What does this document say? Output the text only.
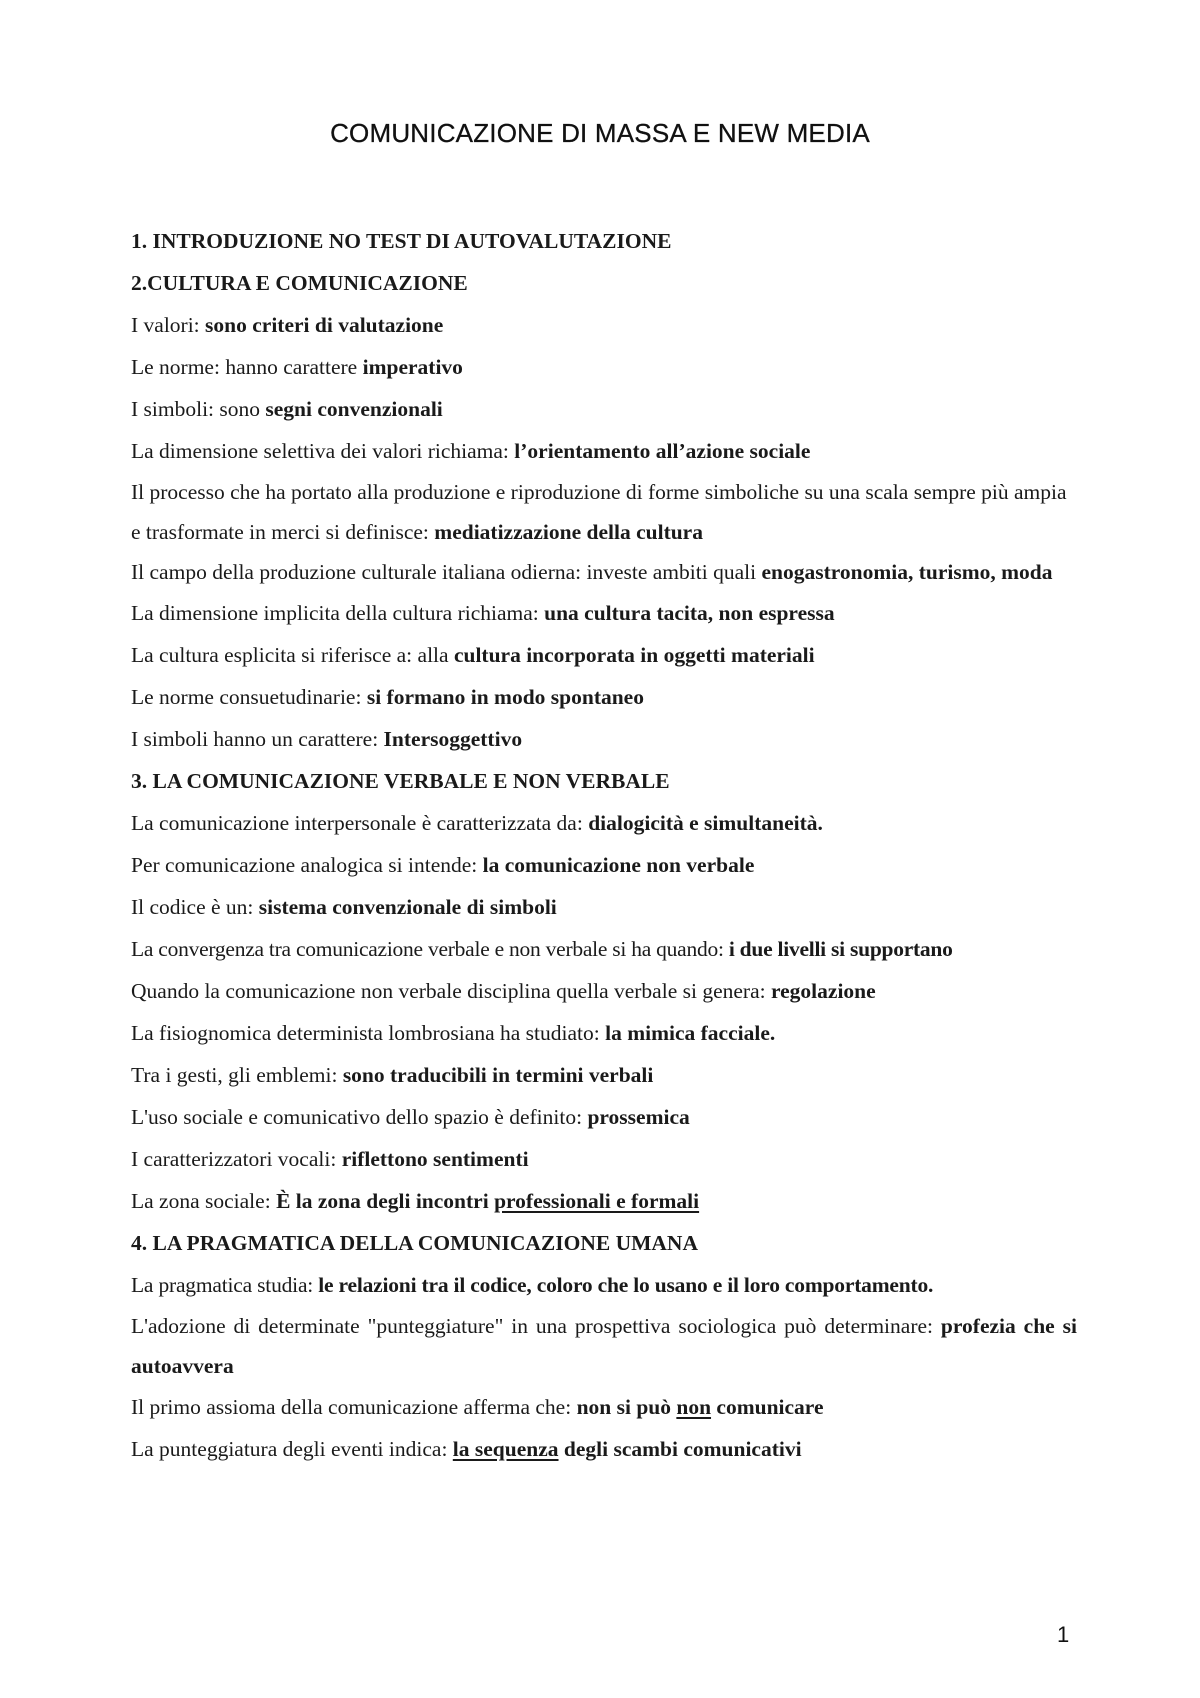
COMUNICAZIONE DI MASSA E NEW MEDIA
1. INTRODUZIONE NO TEST DI AUTOVALUTAZIONE
2.CULTURA E COMUNICAZIONE
I valori: sono criteri di valutazione
Le norme: hanno carattere imperativo
I simboli: sono segni convenzionali
La dimensione selettiva dei valori richiama: l’orientamento all’azione sociale
Il processo che ha portato alla produzione e riproduzione di forme simboliche su una scala sempre più ampia e trasformate in merci si definisce: mediatizzazione della cultura
Il campo della produzione culturale italiana odierna: investe ambiti quali enogastronomia, turismo, moda
La dimensione implicita della cultura richiama: una cultura tacita, non espressa
La cultura esplicita si riferisce a: alla cultura incorporata in oggetti materiali
Le norme consuetudinarie: si formano in modo spontaneo
I simboli hanno un carattere: Intersoggettivo
3. LA COMUNICAZIONE VERBALE E NON VERBALE
La comunicazione interpersonale è caratterizzata da: dialogicità e simultaneità.
Per comunicazione analogica si intende: la comunicazione non verbale
Il codice è un: sistema convenzionale di simboli
La convergenza tra comunicazione verbale e non verbale si ha quando: i due livelli si supportano
Quando la comunicazione non verbale disciplina quella verbale si genera: regolazione
La fisiognomica determinista lombrosiana ha studiato: la mimica facciale.
Tra i gesti, gli emblemi: sono traducibili in termini verbali
L'uso sociale e comunicativo dello spazio è definito: prossemica
I caratterizzatori vocali: riflettono sentimenti
La zona sociale: È la zona degli incontri professionali e formali
4. LA PRAGMATICA DELLA COMUNICAZIONE UMANA
La pragmatica studia: le relazioni tra il codice, coloro che lo usano e il loro comportamento.
L'adozione di determinate "punteggiature" in una prospettiva sociologica può determinare: profezia che si autoavvera
Il primo assioma della comunicazione afferma che: non si può non comunicare
La punteggiatura degli eventi indica: la sequenza degli scambi comunicativi
1
